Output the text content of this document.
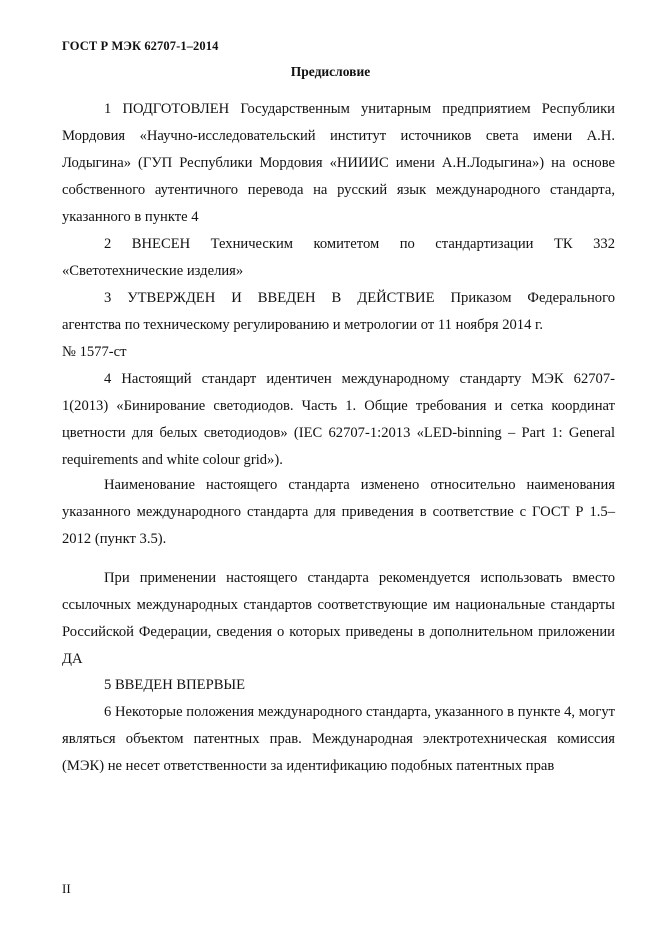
ГОСТ Р МЭК 62707-1–2014
Предисловие

1 ПОДГОТОВЛЕН Государственным унитарным предприятием Республики Мордовия «Научно-исследовательский институт источников света имени А.Н. Лодыгина» (ГУП Республики Мордовия «НИИИС имени А.Н.Лодыгина») на основе собственного аутентичного перевода на русский язык международного стандарта, указанного в пункте 4

2 ВНЕСЕН Техническим комитетом по стандартизации ТК 332 «Светотехнические изделия»

3 УТВЕРЖДЕН И ВВЕДЕН В ДЕЙСТВИЕ Приказом Федерального

агентства по техническому регулированию и метрологии от 11 ноября 2014 г.

№ 1577-ст

4 Настоящий стандарт идентичен международному стандарту МЭК 62707-1(2013) «Бинирование светодиодов. Часть 1. Общие требования и сетка координат цветности для белых светодиодов» (IEC 62707-1:2013 «LED-binning – Part 1: General requirements and white colour grid»).

Наименование настоящего стандарта изменено относительно наименования указанного международного стандарта для приведения в соответствие с ГОСТ Р 1.5–2012 (пункт 3.5).

При применении настоящего стандарта рекомендуется использовать вместо ссылочных международных стандартов соответствующие им национальные стандарты Российской Федерации, сведения о которых приведены в дополнительном приложении ДА

5 ВВЕДЕН ВПЕРВЫЕ

6 Некоторые положения международного стандарта, указанного в пункте 4, могут являться объектом патентных прав. Международная электротехническая комиссия (МЭК) не несет ответственности за идентификацию подобных патентных прав

II
